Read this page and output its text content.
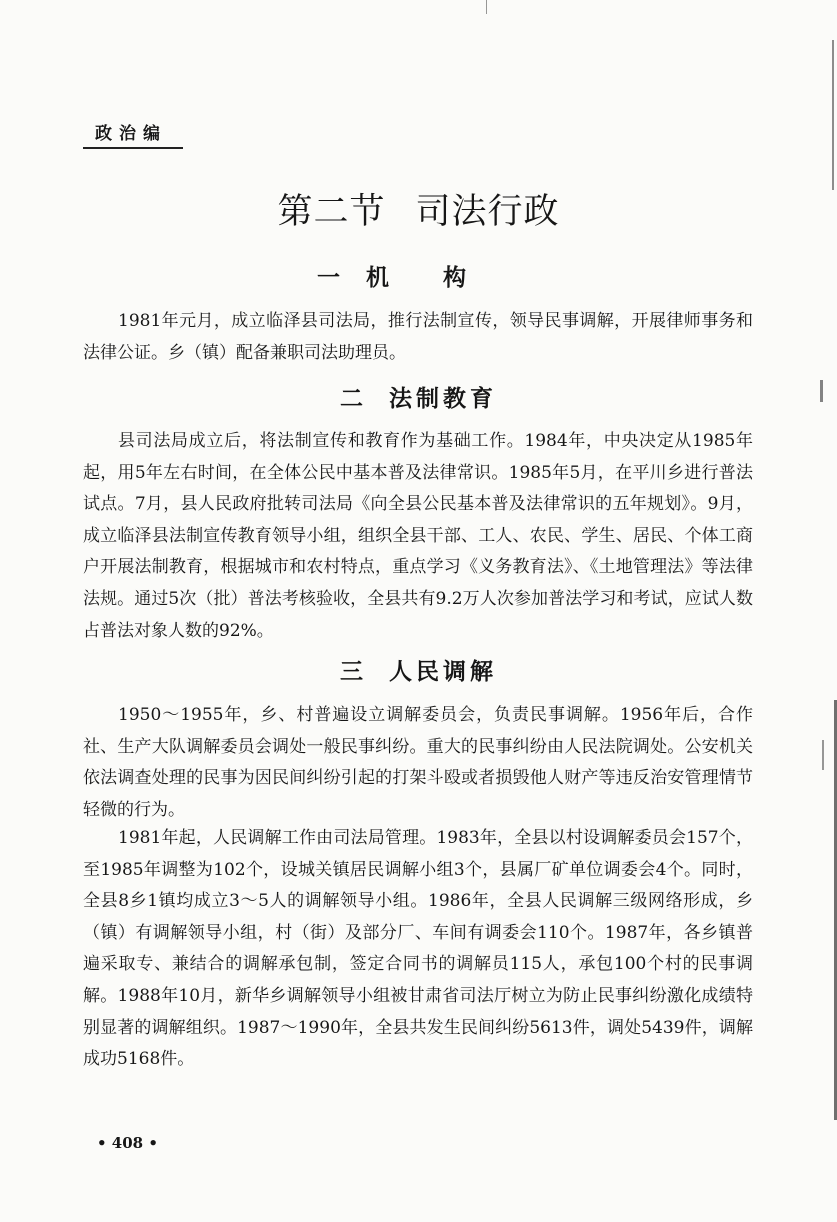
政治编
第二节 司法行政
一 机构

1981年元月，成立临泽县司法局，推行法制宣传，领导民事调解，开展律师事务和法律公证。乡（镇）配备兼职司法助理员。

二 法制教育

县司法局成立后，将法制宣传和教育作为基础工作。1984年，中央决定从1985年起，用5年左右时间，在全体公民中基本普及法律常识。1985年5月，在平川乡进行普法试点。7月，县人民政府批转司法局《向全县公民基本普及法律常识的五年规划》。9月，成立临泽县法制宣传教育领导小组，组织全县干部、工人、农民、学生、居民、个体工商户开展法制教育，根据城市和农村特点，重点学习《义务教育法》、《土地管理法》等法律法规。通过5次（批）普法考核验收，全县共有9.2万人次参加普法学习和考试，应试人数占普法对象人数的92%。

三 人民调解

1950～1955年，乡、村普遍设立调解委员会，负责民事调解。1956年后，合作社、生产大队调解委员会调处一般民事纠纷。重大的民事纠纷由人民法院调处。公安机关依法调查处理的民事为因民间纠纷引起的打架斗殴或者损毁他人财产等违反治安管理情节轻微的行为。

1981年起，人民调解工作由司法局管理。1983年，全县以村设调解委员会157个，至1985年调整为102个，设城关镇居民调解小组3个，县属厂矿单位调委会4个。同时，全县8乡1镇均成立3～5人的调解领导小组。1986年，全县人民调解三级网络形成，乡（镇）有调解领导小组，村（街）及部分厂、车间有调委会110个。1987年，各乡镇普遍采取专、兼结合的调解承包制，签定合同书的调解员115人，承包100个村的民事调解。1988年10月，新华乡调解领导小组被甘肃省司法厅树立为防止民事纠纷激化成绩特别显著的调解组织。1987～1990年，全县共发生民间纠纷5613件，调处5439件，调解成功5168件。

• 408 •
